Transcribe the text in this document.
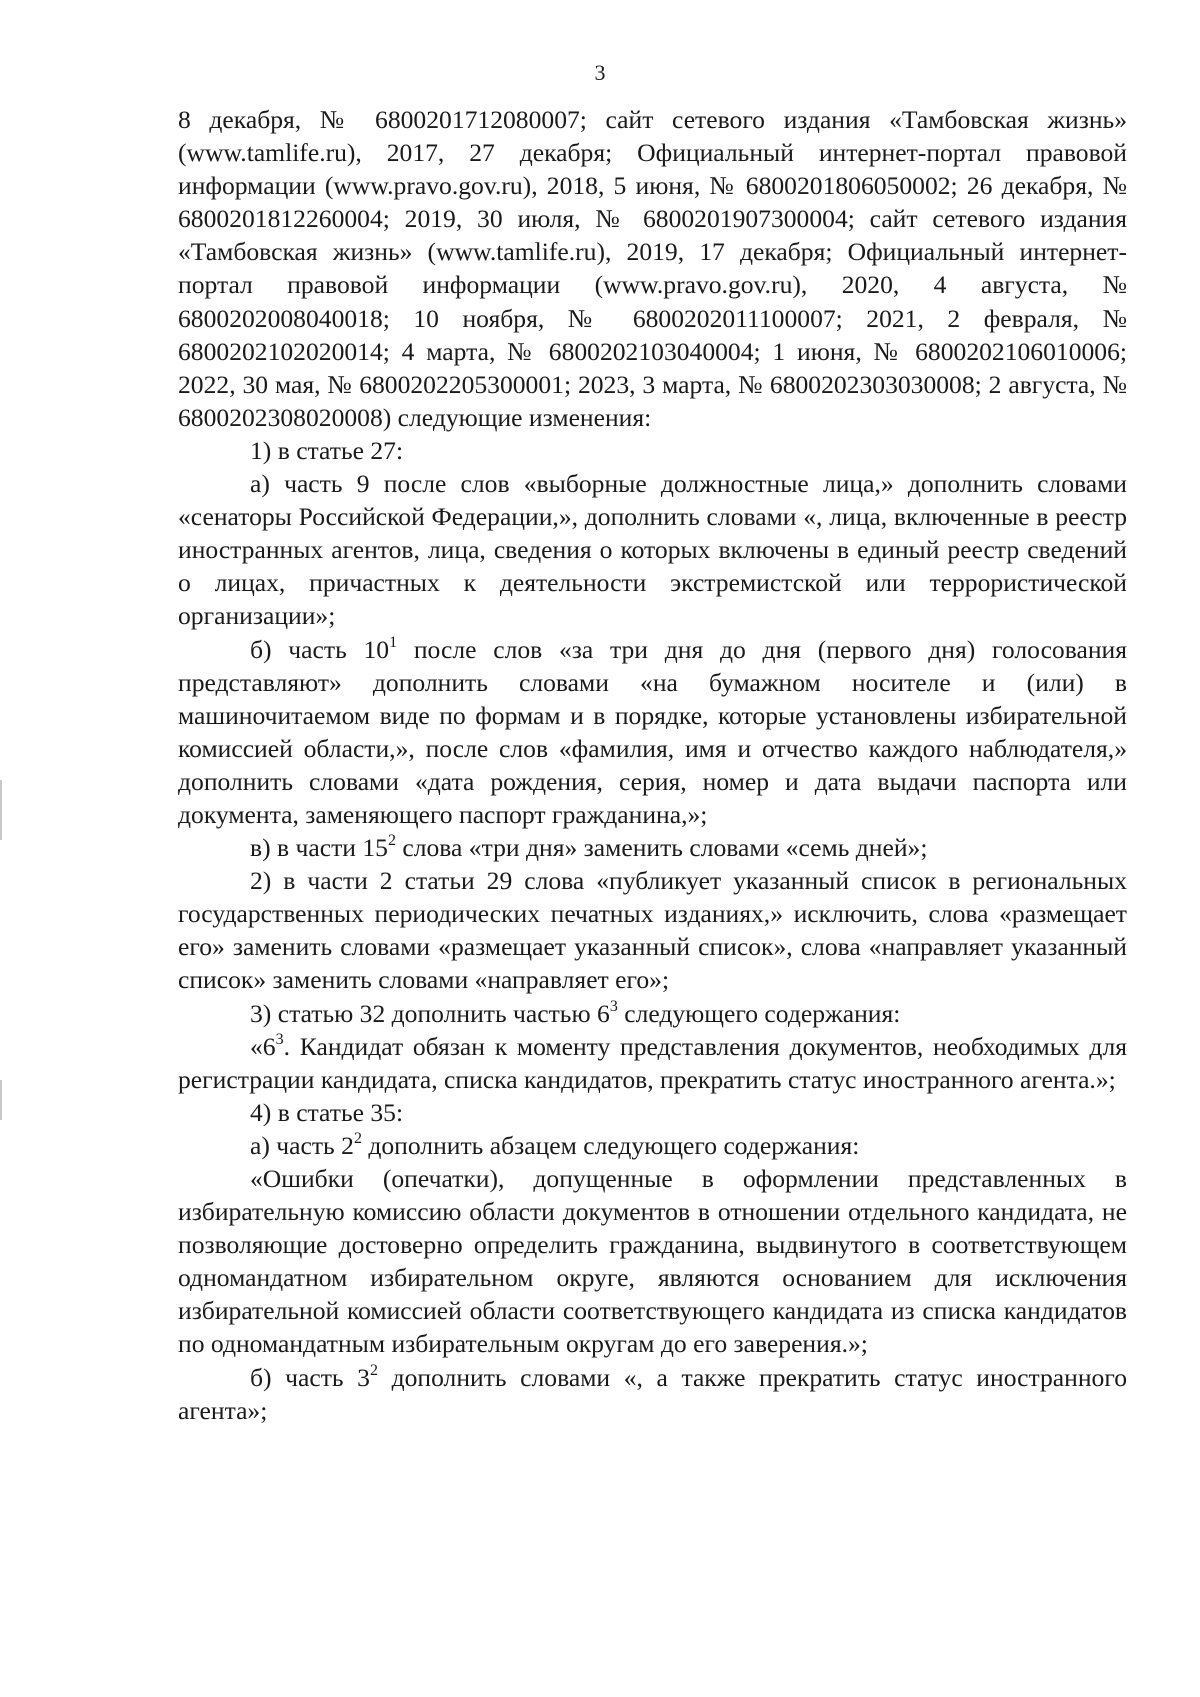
3

8 декабря, № 6800201712080007; сайт сетевого издания «Тамбовская жизнь» (www.tamlife.ru), 2017, 27 декабря; Официальный интернет-портал правовой информации (www.pravo.gov.ru), 2018, 5 июня, № 6800201806050002; 26 декабря, № 6800201812260004; 2019, 30 июля, № 6800201907300004; сайт сетевого издания «Тамбовская жизнь» (www.tamlife.ru), 2019, 17 декабря; Официальный интернет-портал правовой информации (www.pravo.gov.ru), 2020, 4 августа, № 6800202008040018; 10 ноября, № 6800202011100007; 2021, 2 февраля, № 6800202102020014; 4 марта, № 6800202103040004; 1 июня, № 6800202106010006; 2022, 30 мая, № 6800202205300001; 2023, 3 марта, № 6800202303030008; 2 августа, № 6800202308020008) следующие изменения:

1) в статье 27:

а) часть 9 после слов «выборные должностные лица,» дополнить словами «сенаторы Российской Федерации,», дополнить словами «, лица, включенные в реестр иностранных агентов, лица, сведения о которых включены в единый реестр сведений о лицах, причастных к деятельности экстремистской или террористической организации»;

б) часть $10^1$ после слов «за три дня до дня (первого дня) голосования представляют» дополнить словами «на бумажном носителе и (или) в машиночитаемом виде по формам и в порядке, которые установлены избирательной комиссией области,», после слов «фамилия, имя и отчество каждого наблюдателя,» дополнить словами «дата рождения, серия, номер и дата выдачи паспорта или документа, заменяющего паспорт гражданина,»;

в) в части $15^2$ слова «три дня» заменить словами «семь дней»;

2) в части 2 статьи 29 слова «публикует указанный список в региональных государственных периодических печатных изданиях,» исключить, слова «размещает его» заменить словами «размещает указанный список», слова «направляет указанный список» заменить словами «направляет его»;

3) статью 32 дополнить частью $6^3$ следующего содержания:

«$6^3$. Кандидат обязан к моменту представления документов, необходимых для регистрации кандидата, списка кандидатов, прекратить статус иностранного агента.»;

4) в статье 35:

а) часть $2^2$ дополнить абзацем следующего содержания:

«Ошибки (опечатки), допущенные в оформлении представленных в избирательную комиссию области документов в отношении отдельного кандидата, не позволяющие достоверно определить гражданина, выдвинутого в соответствующем одномандатном избирательном округе, являются основанием для исключения избирательной комиссией области соответствующего кандидата из списка кандидатов по одномандатным избирательным округам до его заверения.»;

б) часть $3^2$ дополнить словами «, а также прекратить статус иностранного агента»;
